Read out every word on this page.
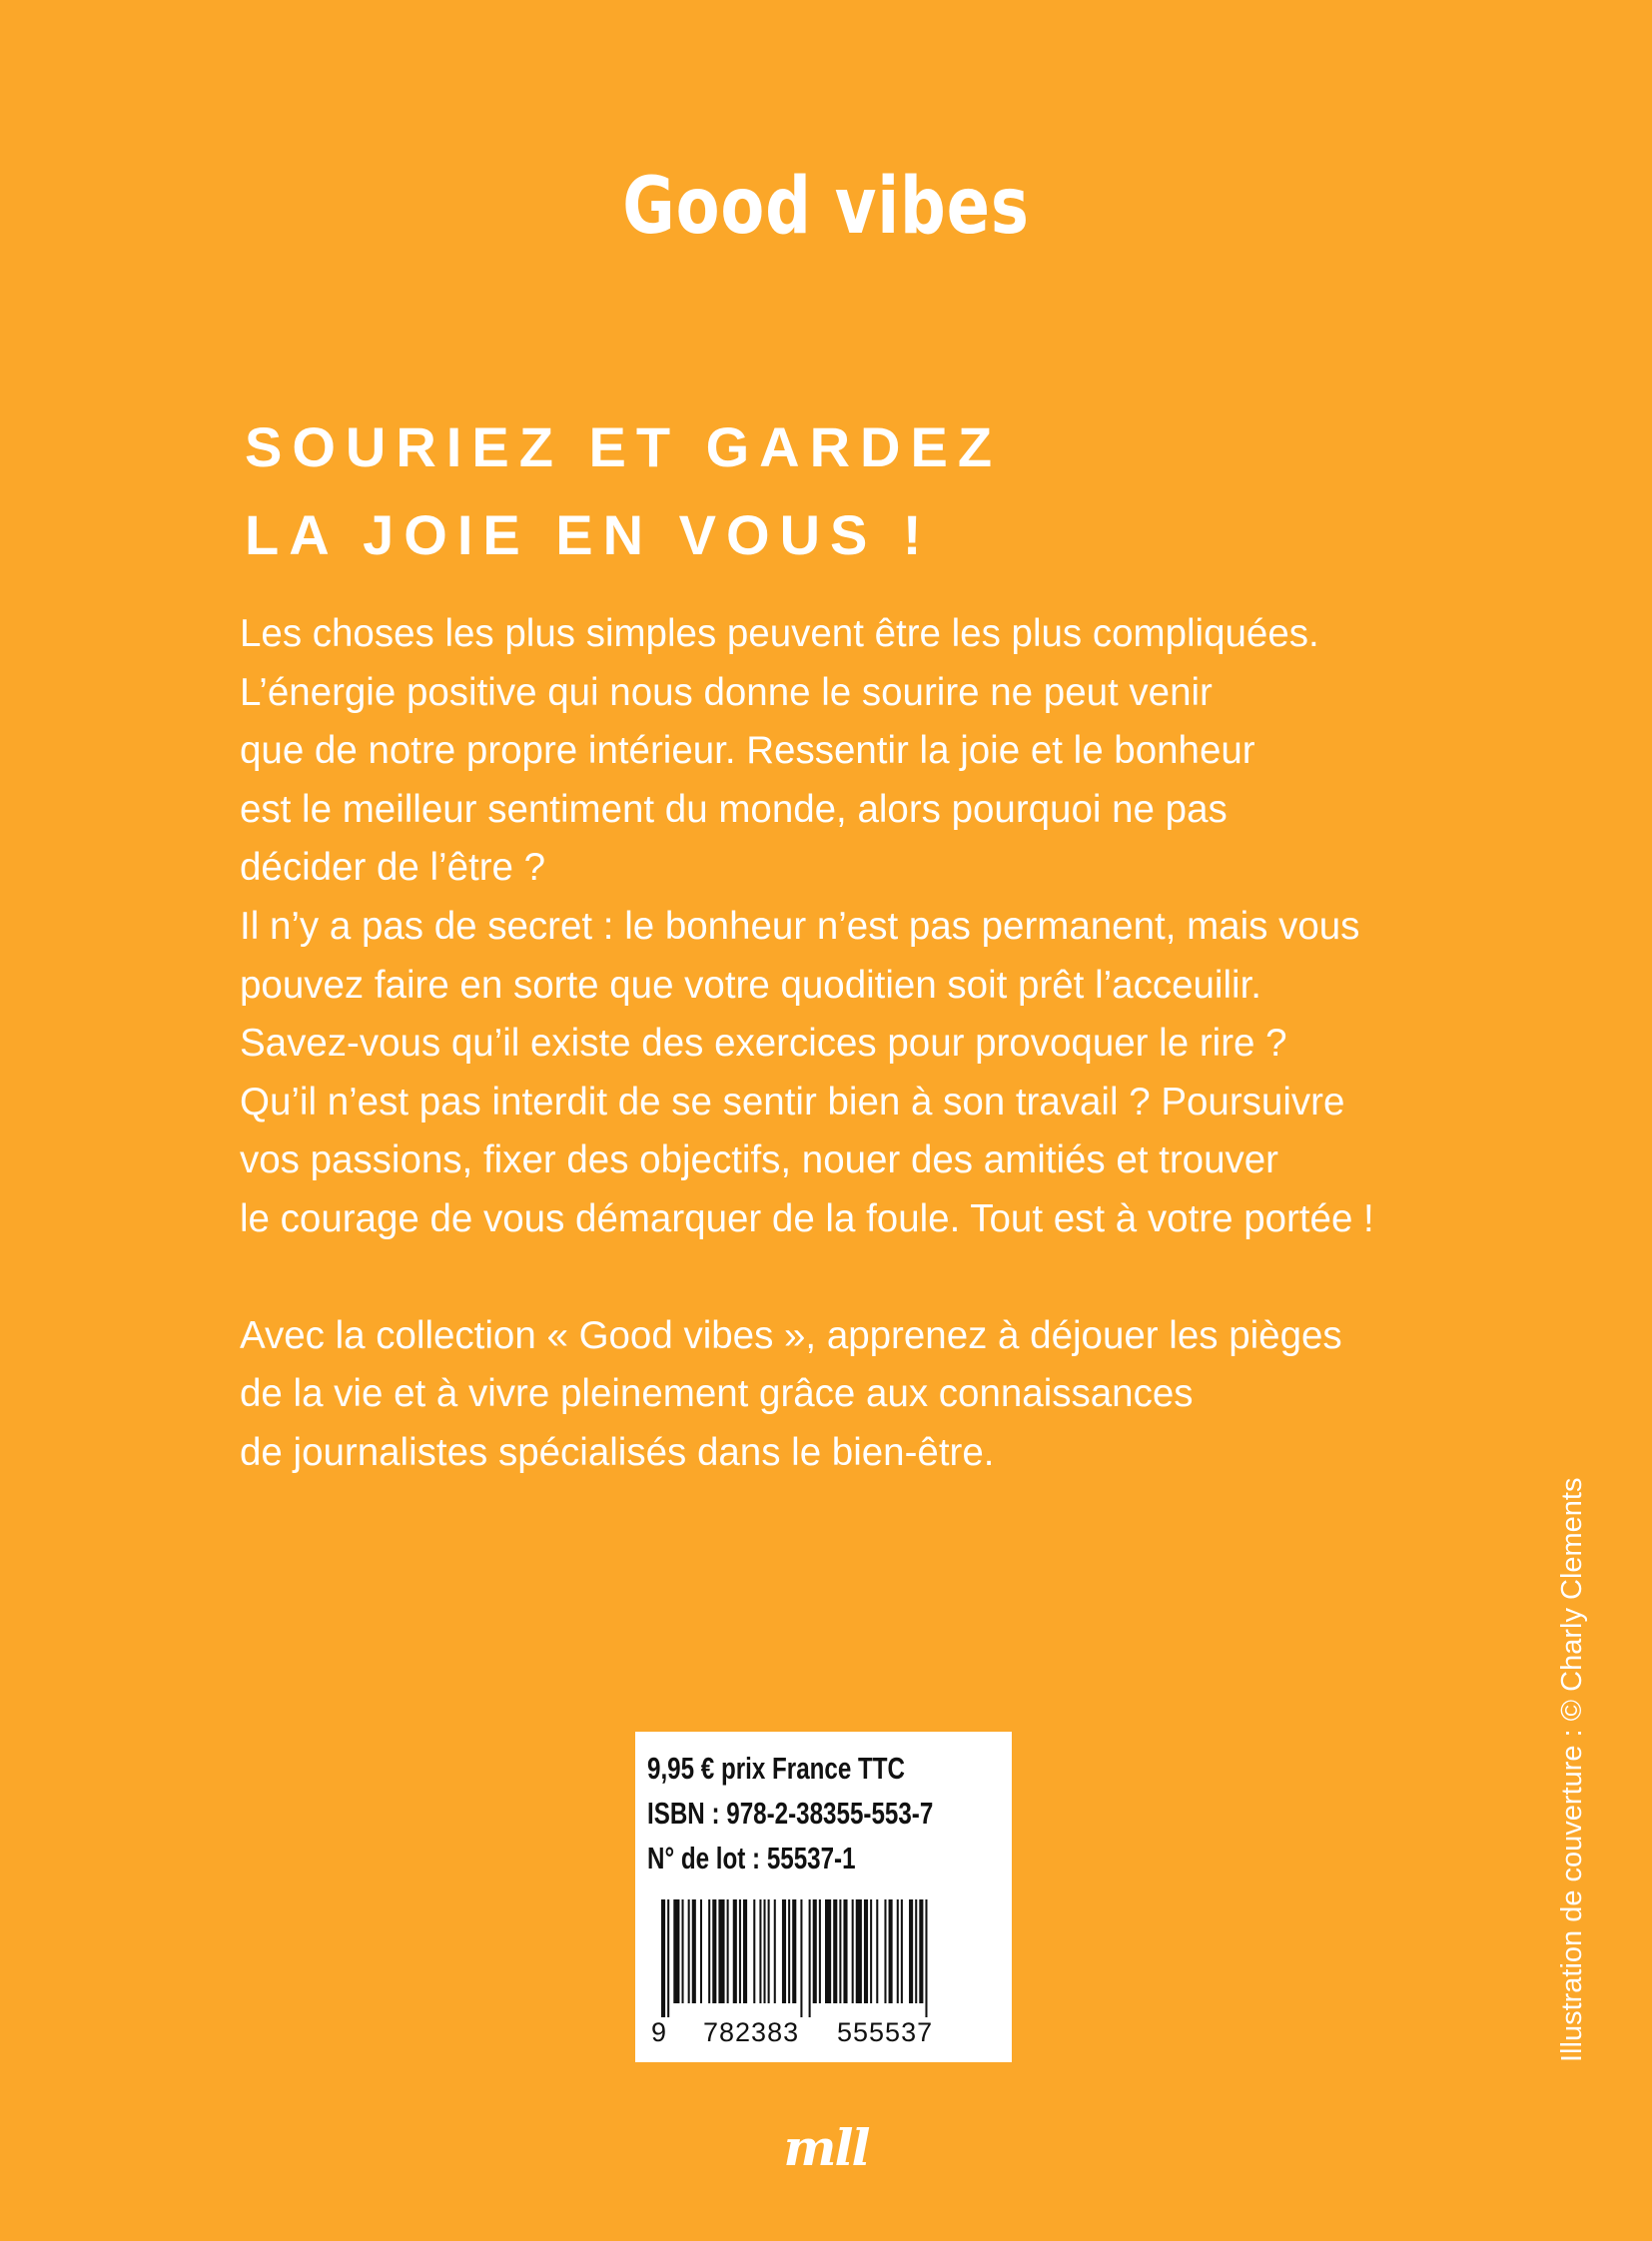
Good vibes
SOURIEZ ET GARDEZ
LA JOIE EN VOUS !
Les choses les plus simples peuvent être les plus compliquées.
L’énergie positive qui nous donne le sourire ne peut venir
que de notre propre intérieur. Ressentir la joie et le bonheur
est le meilleur sentiment du monde, alors pourquoi ne pas
décider de l’être ?
Il n’y a pas de secret : le bonheur n’est pas permanent, mais vous
pouvez faire en sorte que votre quoditien soit prêt l’acceuilir.
Savez-vous qu’il existe des exercices pour provoquer le rire ?
Qu’il n’est pas interdit de se sentir bien à son travail ? Poursuivre
vos passions, fixer des objectifs, nouer des amitiés et trouver
le courage de vous démarquer de la foule. Tout est à votre portée !
Avec la collection « Good vibes », apprenez à déjouer les pièges
de la vie et à vivre pleinement grâce aux connaissances
de journalistes spécialisés dans le bien-être.
Illustration de couverture : © Charly Clements
9,95 € prix France TTC
ISBN : 978-2-38355-553-7
N° de lot : 55537-1
9 782383 555537
mll
